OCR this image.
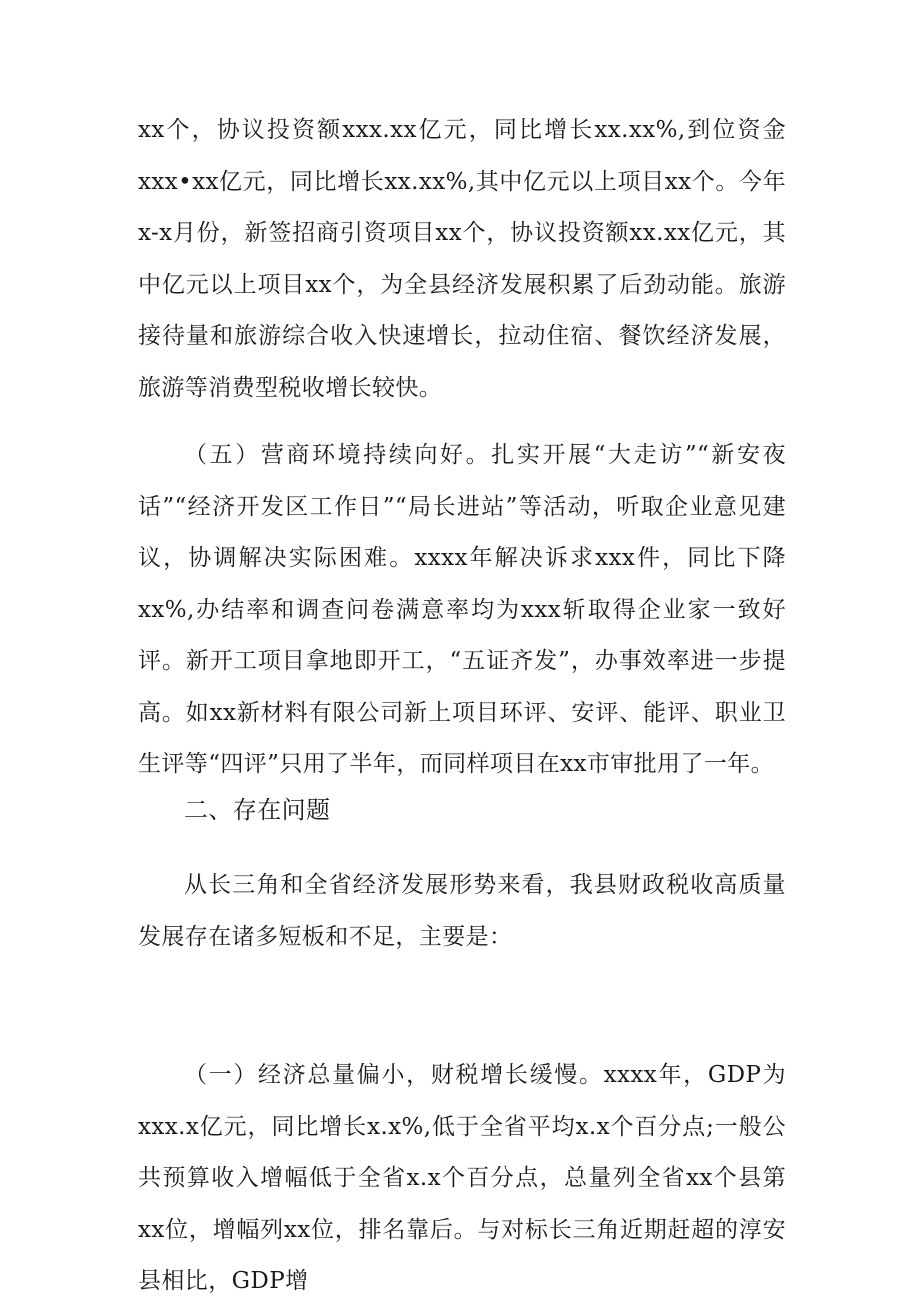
xx个，协议投资额xxx.xx亿元，同比增长xx.xx%,到位资金xxx•xx亿元，同比增长xx.xx%,其中亿元以上项目xx个。今年x-x月份，新签招商引资项目xx个，协议投资额xx.xx亿元，其中亿元以上项目xx个，为全县经济发展积累了后劲动能。旅游接待量和旅游综合收入快速增长，拉动住宿、餐饮经济发展，旅游等消费型税收增长较快。

（五）营商环境持续向好。扎实开展“大走访”“新安夜话”“经济开发区工作日”“局长进站”等活动，听取企业意见建议，协调解决实际困难。xxxx年解决诉求xxx件，同比下降xx%,办结率和调查问卷满意率均为xxx斩取得企业家一致好评。新开工项目拿地即开工，“五证齐发”，办事效率进一步提高。如xx新材料有限公司新上项目环评、安评、能评、职业卫生评等“四评”只用了半年，而同样项目在xx市审批用了一年。

二、存在问题

从长三角和全省经济发展形势来看，我县财政税收高质量发展存在诸多短板和不足，主要是：

（一）经济总量偏小，财税增长缓慢。xxxx年，GDP为xxx.x亿元，同比增长x.x%,低于全省平均x.x个百分点;一般公共预算收入增幅低于全省x.x个百分点，总量列全省xx个县第xx位，增幅列xx位，排名靠后。与对标长三角近期赶超的淳安县相比，GDP增
